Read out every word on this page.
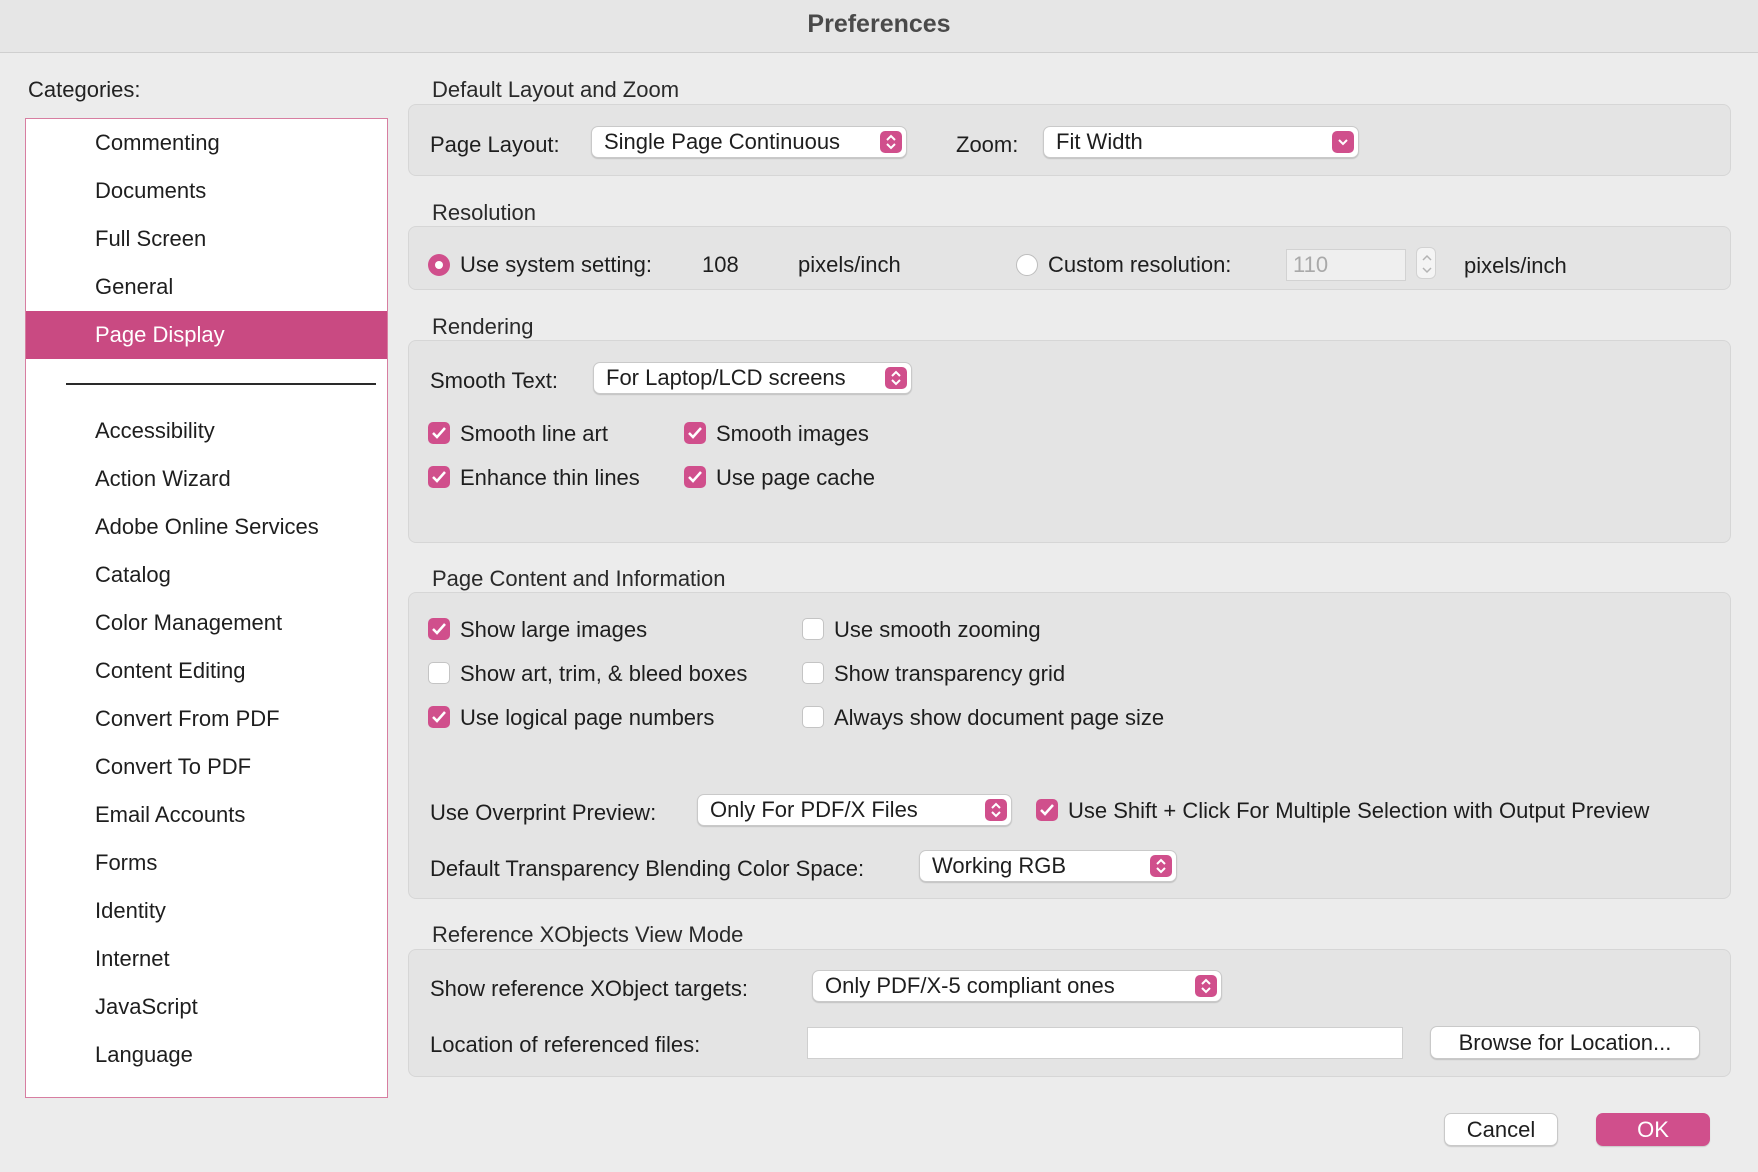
Preferences
Categories:
Commenting
Documents
Full Screen
General
Page Display
Accessibility
Action Wizard
Adobe Online Services
Catalog
Color Management
Content Editing
Convert From PDF
Convert To PDF
Email Accounts
Forms
Identity
Internet
JavaScript
Language
Default Layout and Zoom
Page Layout:	Single Page Continuous	Zoom:	Fit Width
Resolution
Use system setting: 108	pixels/inch	Custom resolution:	110	pixels/inch
Rendering
Smooth Text:	For Laptop/LCD screens
Smooth line art	Smooth images
Enhance thin lines	Use page cache
Page Content and Information
Show large images	Use smooth zooming
Show art, trim, & bleed boxes	Show transparency grid
Use logical page numbers	Always show document page size
Use Overprint Preview:	Only For PDF/X Files	Use Shift + Click For Multiple Selection with Output Preview
Default Transparency Blending Color Space:	Working RGB
Reference XObjects View Mode
Show reference XObject targets:	Only PDF/X-5 compliant ones
Location of referenced files:	Browse for Location...
Cancel	OK
